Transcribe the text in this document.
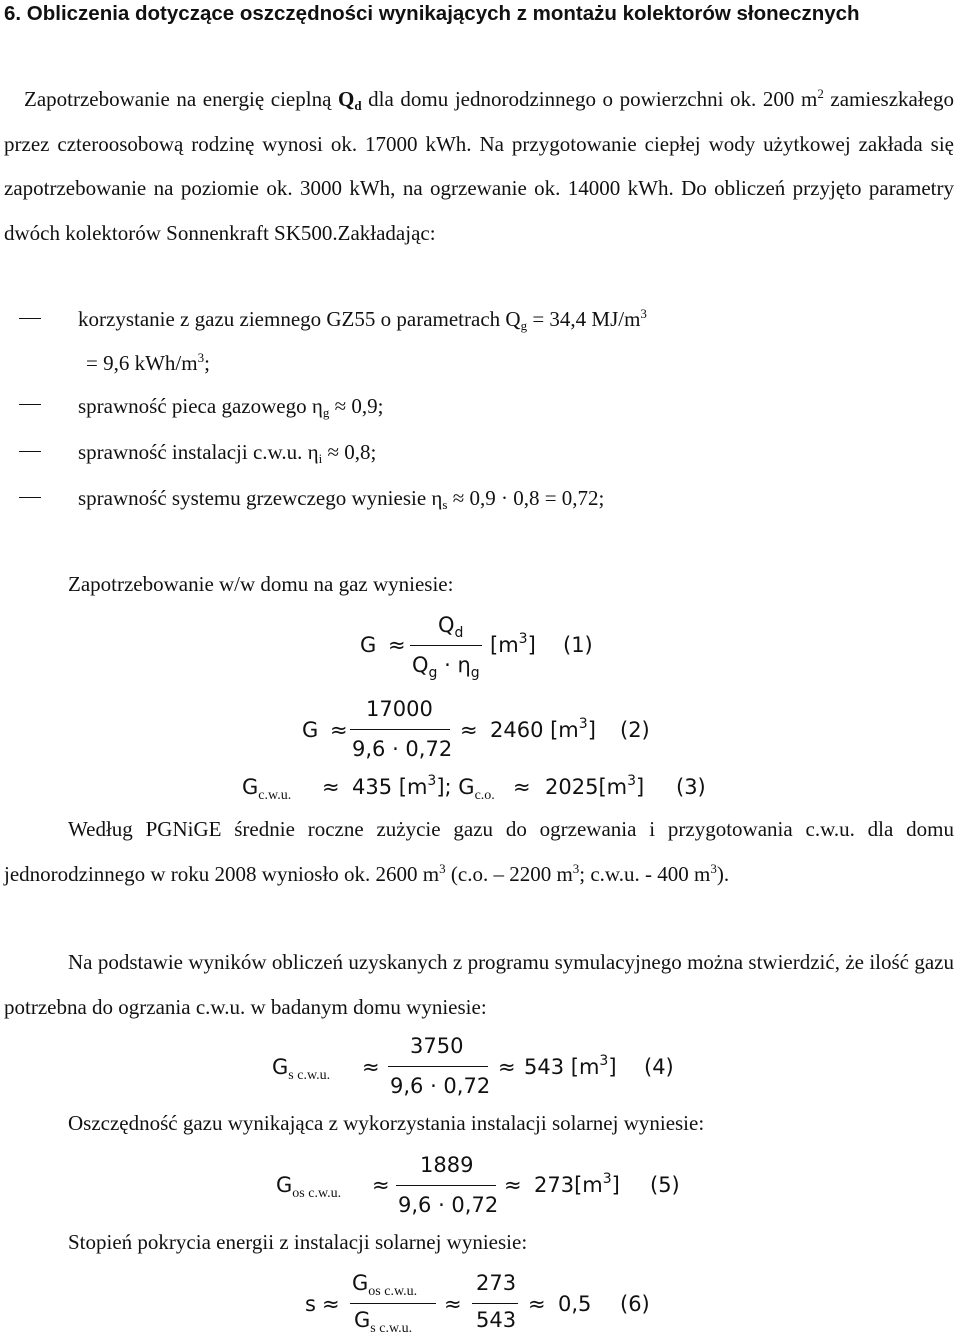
6. Obliczenia dotyczące oszczędności wynikających z montażu kolektorów słonecznych
Zapotrzebowanie na energię cieplną $Q_d$ dla domu jednorodzinnego o powierzchni ok. 200 $m^2$ zamieszkałego przez czteroosobową rodzinę wynosi ok. 17000 kWh. Na przygotowanie ciepłej wody użytkowej zakłada się zapotrzebowanie na poziomie ok. 3000 kWh, na ogrzewanie ok. 14000 kWh. Do obliczeń przyjęto parametry dwóch kolektorów Sonnenkraft SK500.Zakładając:
korzystanie z gazu ziemnego GZ55 o parametrach $Q_g = 34,4$ $MJ/m^3$
= 9,6 kWh/$m^3$;
sprawność pieca gazowego $\eta_g \approx 0,9$;
sprawność instalacji c.w.u. $\eta_i \approx 0,8$;
sprawność systemu grzewczego wyniesie $\eta_s \approx 0,9 \cdot 0,8 = 0,72$;
Zapotrzebowanie w/w domu na gaz wyniesie:
G ≈
$Q_d$
$Q_g \cdot \eta_g$
$[m^3]$ (1)
G ≈
17000
9,6 · 0,72
≈ 2460 $[m^3]$ (2)
$G_{c.w.u.} \approx 435$ $[m^3]$; $G_{c.o.} \approx 2025[m^3]$ (3)
Według PGNiGE średnie roczne zużycie gazu do ogrzewania i przygotowania c.w.u. dla domu jednorodzinnego w roku 2008 wyniosło ok. 2600 $m^3$ (c.o. – 2200 $m^3$; c.w.u. - 400 $m^3$).
Na podstawie wyników obliczeń uzyskanych z programu symulacyjnego można stwierdzić, że ilość gazu potrzebna do ogrzania c.w.u. w badanym domu wyniesie:
$G_{s c.w.u.}$ ≈
3750
9,6 · 0,72
≈ 543 $[m^3]$ (4)
Oszczędność gazu wynikająca z wykorzystania instalacji solarnej wyniesie:
$G_{os c.w.u.}$ ≈
1889
9,6 · 0,72
≈ $273[m^3]$ (5)
Stopień pokrycia energii z instalacji solarnej wyniesie:
s ≈
$G_{os c.w.u.}$
$G_{s c.w.u.}$
≈
273
543
≈ 0,5 (6)
